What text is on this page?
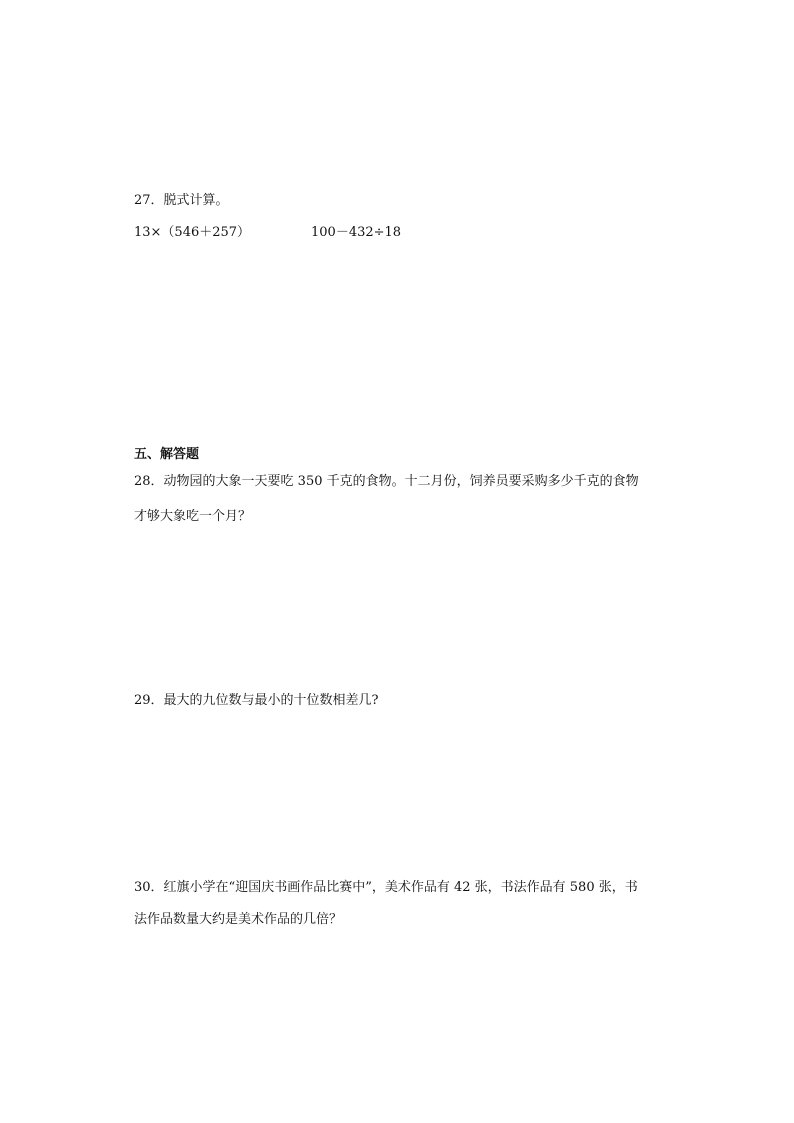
27．脱式计算。
13×（546＋257）	100－432÷18
五、解答题
28．动物园的大象一天要吃 350 千克的食物。十二月份，饲养员要采购多少千克的食物
才够大象吃一个月？
29．最大的九位数与最小的十位数相差几?
30．红旗小学在“迎国庆书画作品比赛中”，美术作品有 42 张，书法作品有 580 张，书
法作品数量大约是美术作品的几倍？
